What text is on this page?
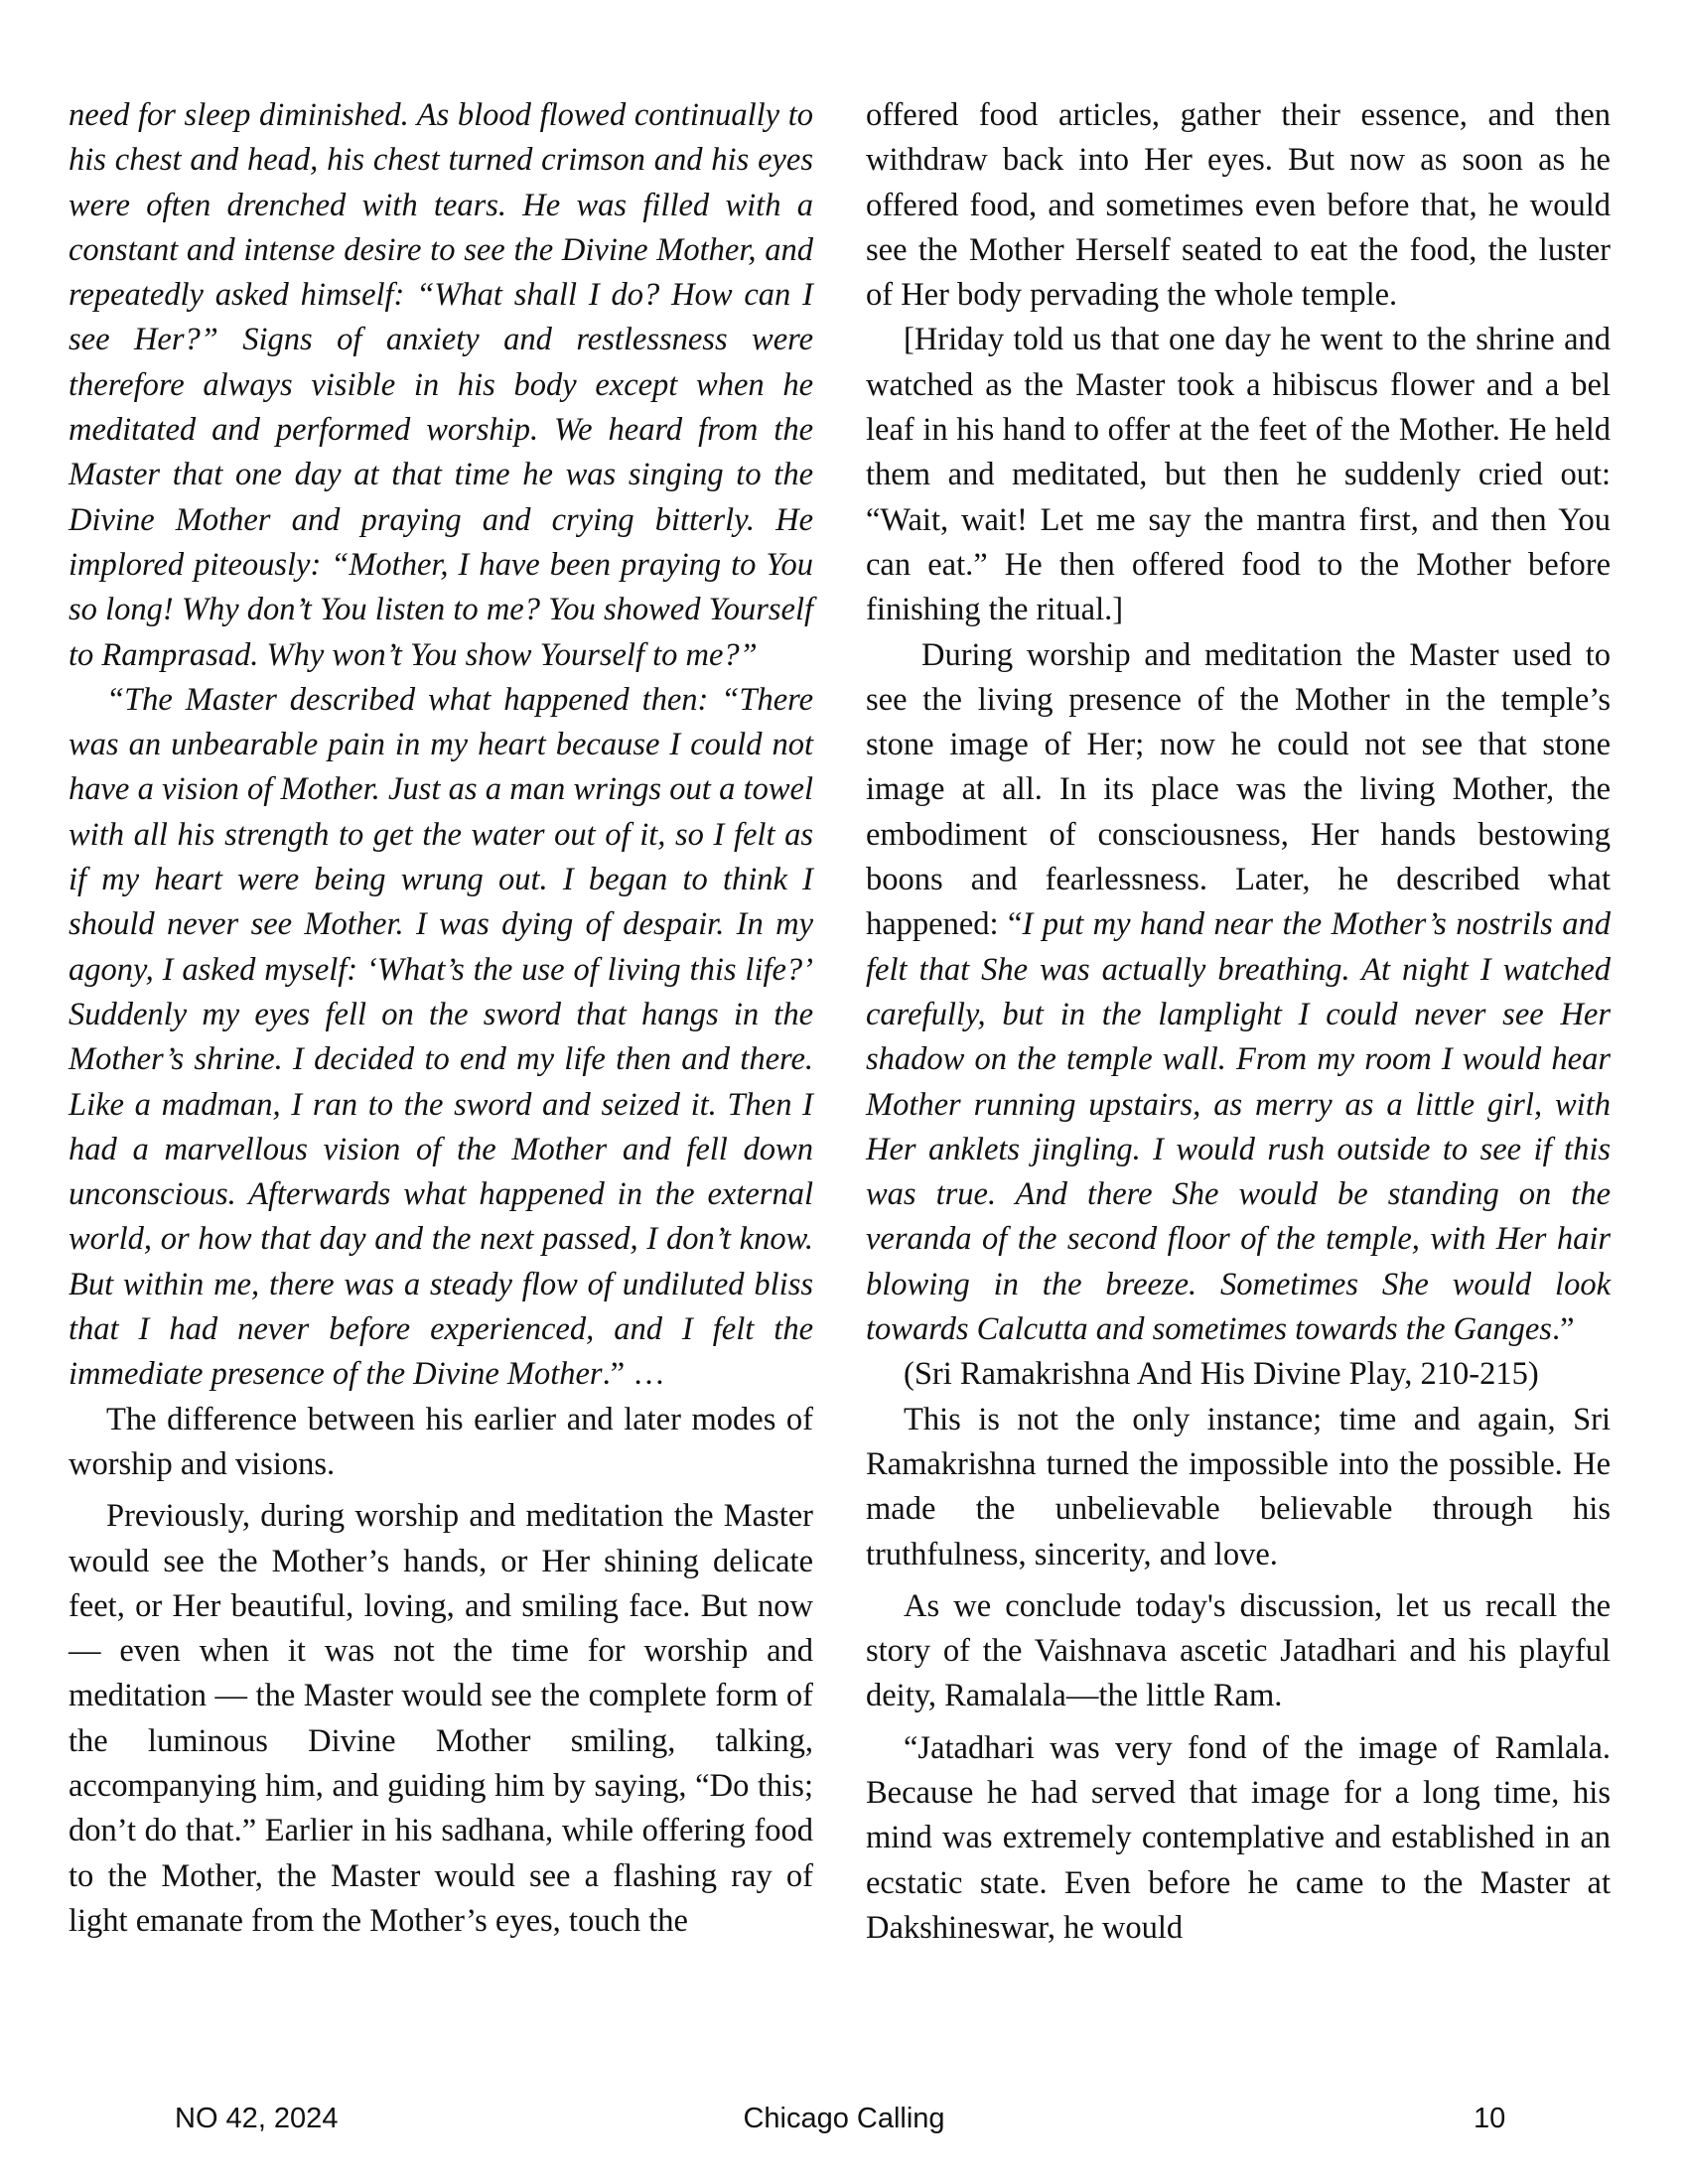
need for sleep diminished. As blood flowed continually to his chest and head, his chest turned crimson and his eyes were often drenched with tears. He was filled with a constant and intense desire to see the Divine Mother, and repeatedly asked himself: “What shall I do? How can I see Her?” Signs of anxiety and restlessness were therefore always visible in his body except when he meditated and performed worship. We heard from the Master that one day at that time he was singing to the Divine Mother and praying and crying bitterly. He implored piteously: “Mother, I have been praying to You so long! Why don’t You listen to me? You showed Yourself to Ramprasad. Why won’t You show Yourself to me?”

“The Master described what happened then: “There was an unbearable pain in my heart because I could not have a vision of Mother. Just as a man wrings out a towel with all his strength to get the water out of it, so I felt as if my heart were being wrung out. I began to think I should never see Mother. I was dying of despair. In my agony, I asked myself: ‘What’s the use of living this life?’ Suddenly my eyes fell on the sword that hangs in the Mother’s shrine. I decided to end my life then and there. Like a madman, I ran to the sword and seized it. Then I had a marvellous vision of the Mother and fell down unconscious. Afterwards what happened in the external world, or how that day and the next passed, I don’t know. But within me, there was a steady flow of undiluted bliss that I had never before experienced, and I felt the immediate presence of the Divine Mother.” …

The difference between his earlier and later modes of worship and visions.

Previously, during worship and meditation the Master would see the Mother’s hands, or Her shining delicate feet, or Her beautiful, loving, and smiling face. But now — even when it was not the time for worship and meditation — the Master would see the complete form of the luminous Divine Mother smiling, talking, accompanying him, and guiding him by saying, “Do this; don’t do that.” Earlier in his sadhana, while offering food to the Mother, the Master would see a flashing ray of light emanate from the Mother’s eyes, touch the

offered food articles, gather their essence, and then withdraw back into Her eyes. But now as soon as he offered food, and sometimes even before that, he would see the Mother Herself seated to eat the food, the luster of Her body pervading the whole temple.

[Hriday told us that one day he went to the shrine and watched as the Master took a hibiscus flower and a bel leaf in his hand to offer at the feet of the Mother. He held them and meditated, but then he suddenly cried out: “Wait, wait! Let me say the mantra first, and then You can eat.” He then offered food to the Mother before finishing the ritual.]

During worship and meditation the Master used to see the living presence of the Mother in the temple’s stone image of Her; now he could not see that stone image at all. In its place was the living Mother, the embodiment of consciousness, Her hands bestowing boons and fearlessness. Later, he described what happened: “I put my hand near the Mother’s nostrils and felt that She was actually breathing. At night I watched carefully, but in the lamplight I could never see Her shadow on the temple wall. From my room I would hear Mother running upstairs, as merry as a little girl, with Her anklets jingling. I would rush outside to see if this was true. And there She would be standing on the veranda of the second floor of the temple, with Her hair blowing in the breeze. Sometimes She would look towards Calcutta and sometimes towards the Ganges.”

(Sri Ramakrishna And His Divine Play, 210-215)

This is not the only instance; time and again, Sri Ramakrishna turned the impossible into the possible. He made the unbelievable believable through his truthfulness, sincerity, and love.

As we conclude today's discussion, let us recall the story of the Vaishnava ascetic Jatadhari and his playful deity, Ramalala—the little Ram.

“Jatadhari was very fond of the image of Ramlala. Because he had served that image for a long time, his mind was extremely contemplative and established in an ecstatic state. Even before he came to the Master at Dakshineswar, he would

NO 42, 2024	Chicago Calling	10
